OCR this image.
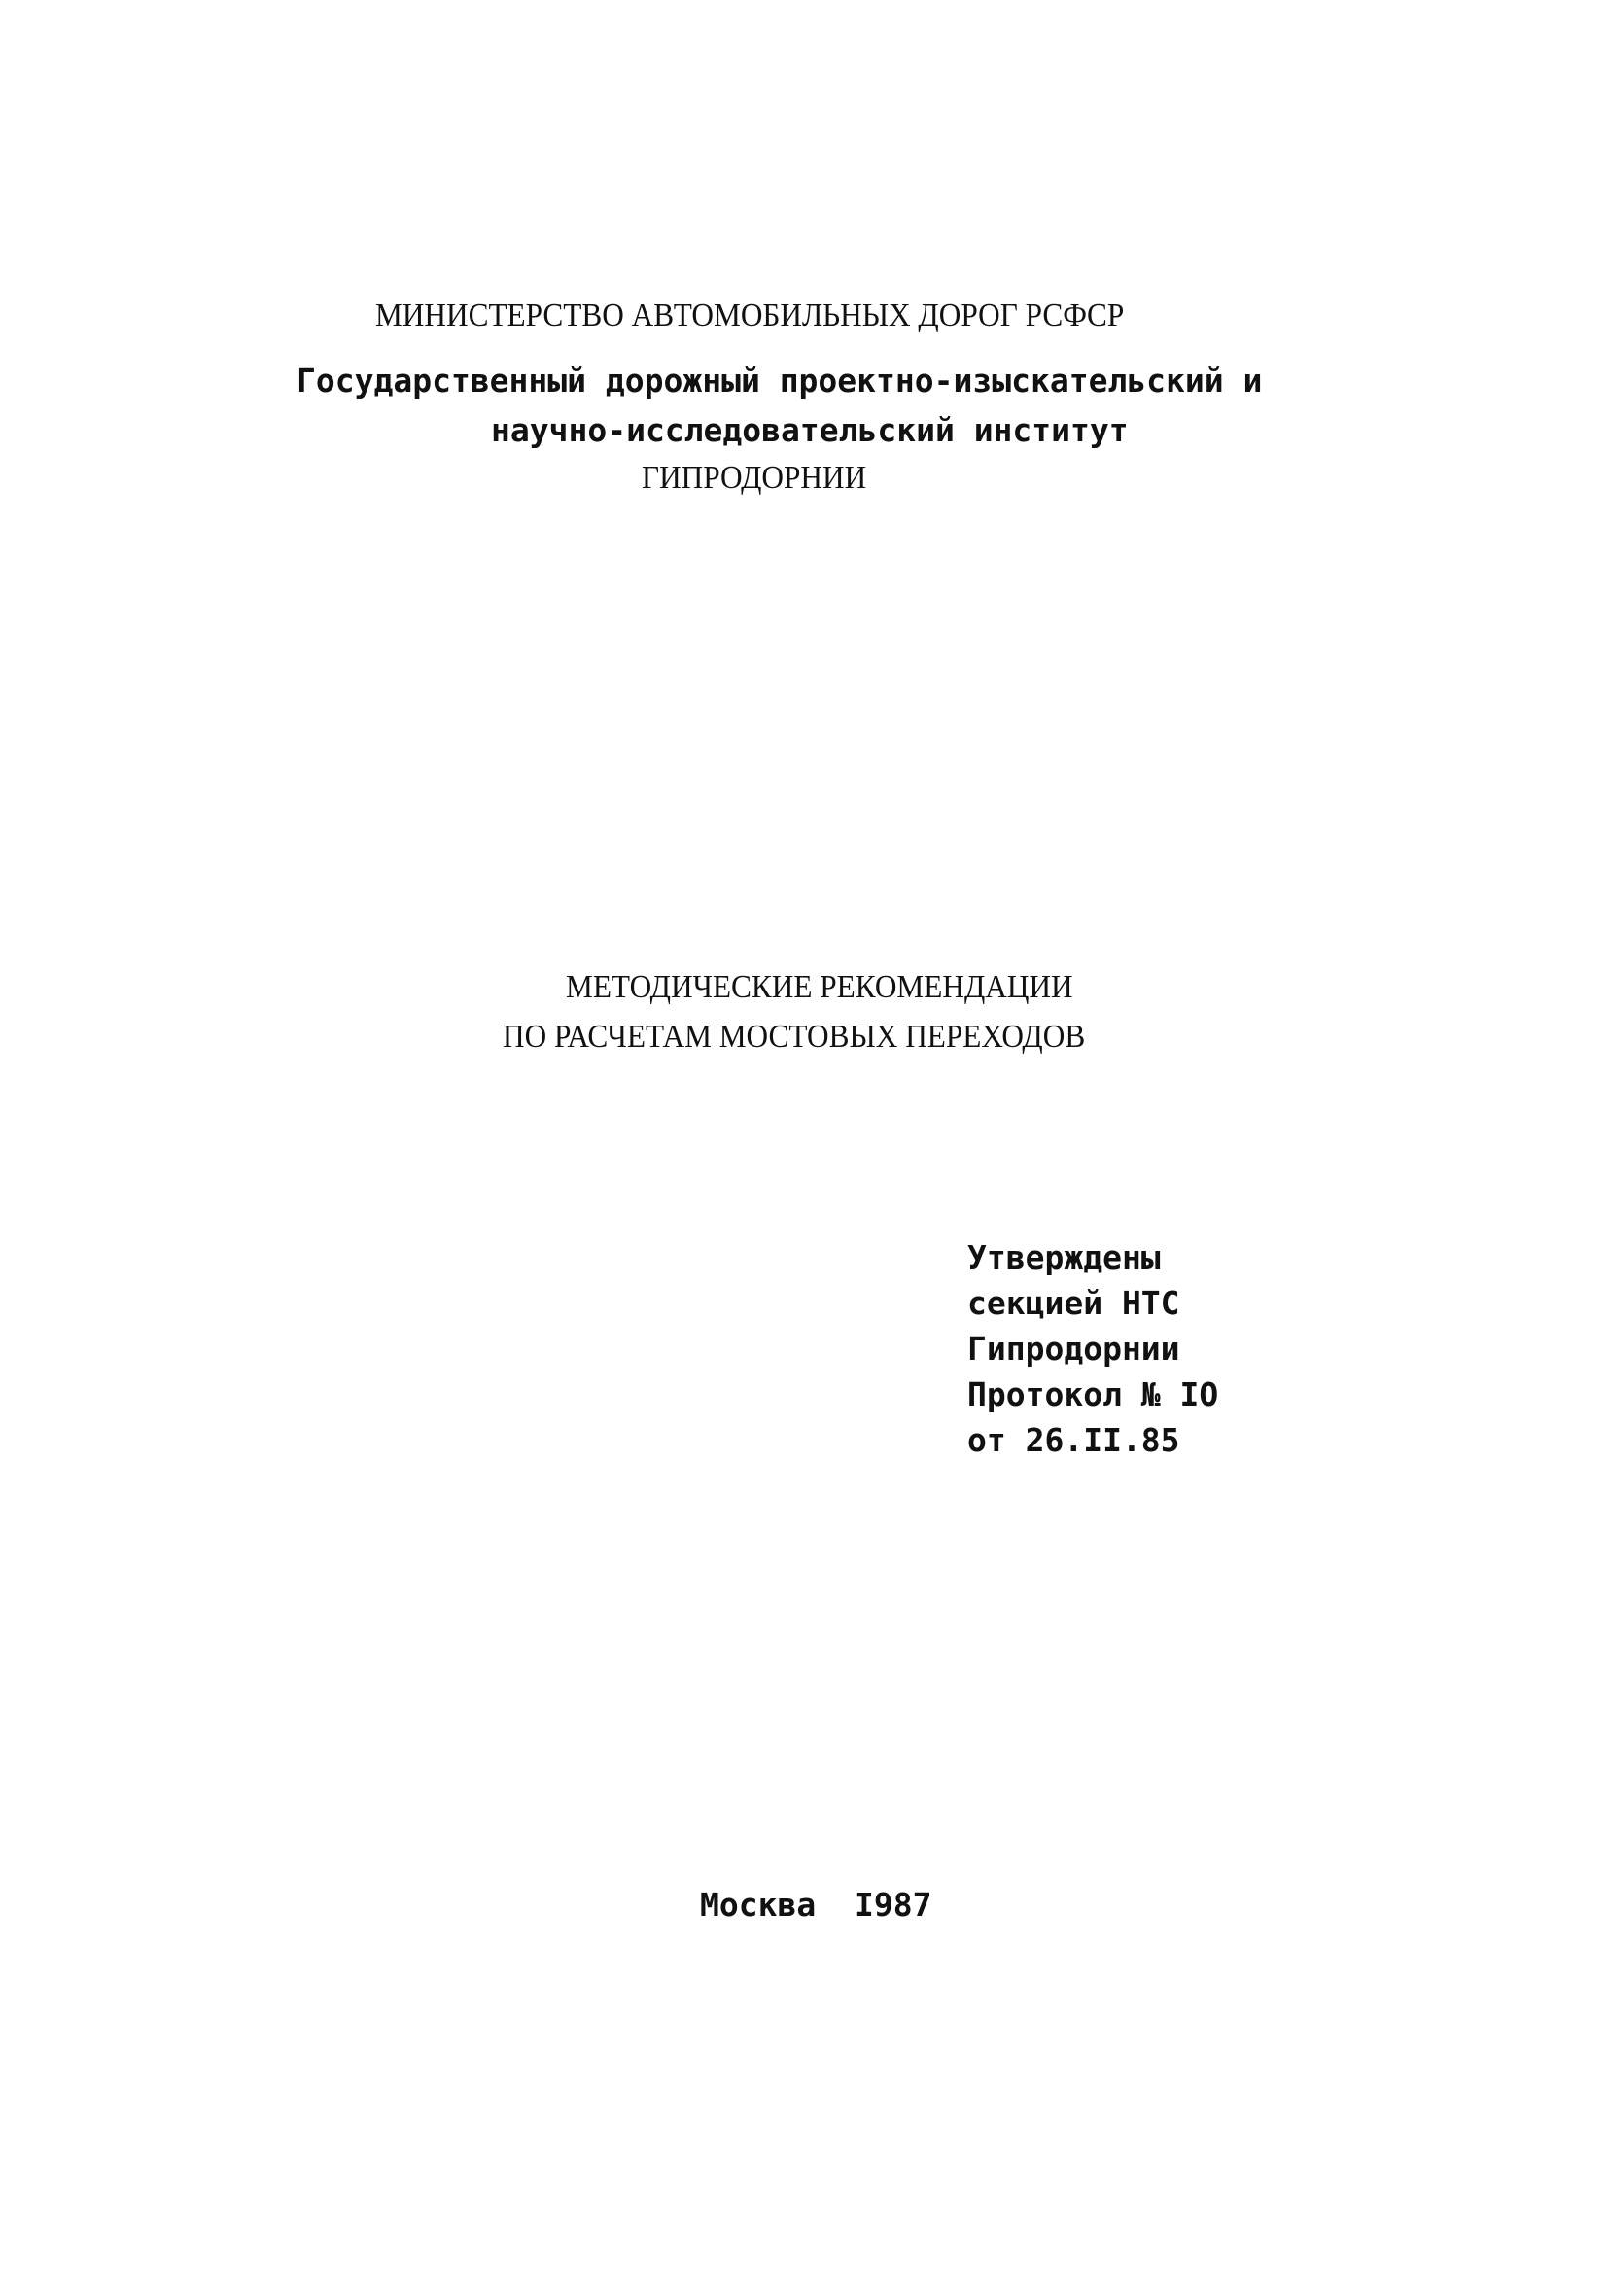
МИНИСТЕРСТВО АВТОМОБИЛЬНЫХ ДОРОГ РСФСР
Государственный дорожный проектно-изыскательский и
научно-исследовательский институт
ГИПРОДОРНИИ
МЕТОДИЧЕСКИЕ РЕКОМЕНДАЦИИ
ПО РАСЧЕТАМ МОСТОВЫХ ПЕРЕХОДОВ
Утверждены
секцией НТС
Гипродорнии
Протокол № IO
от 26.II.85
Москва I987
